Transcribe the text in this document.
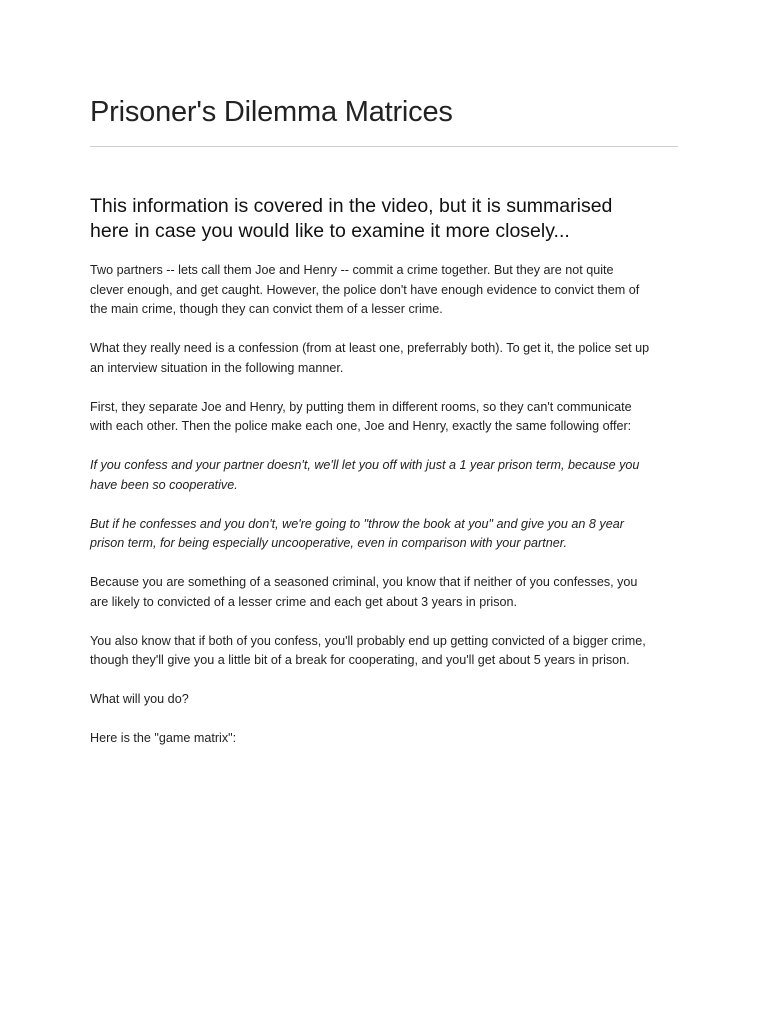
Prisoner's Dilemma Matrices
This information is covered in the video, but it is summarised
here in case you would like to examine it more closely...

Two partners -- lets call them Joe and Henry -- commit a crime together. But they are not quite
clever enough, and get caught. However, the police don't have enough evidence to convict them of
the main crime, though they can convict them of a lesser crime.

What they really need is a confession (from at least one, preferrably both). To get it, the police set up
an interview situation in the following manner.

First, they separate Joe and Henry, by putting them in different rooms, so they can't communicate
with each other. Then the police make each one, Joe and Henry, exactly the same following offer:

If you confess and your partner doesn't, we'll let you off with just a 1 year prison term, because you
have been so cooperative.

But if he confesses and you don't, we're going to "throw the book at you" and give you an 8 year
prison term, for being especially uncooperative, even in comparison with your partner.

Because you are something of a seasoned criminal, you know that if neither of you confesses, you
are likely to convicted of a lesser crime and each get about 3 years in prison.

You also know that if both of you confess, you'll probably end up getting convicted of a bigger crime,
though they'll give you a little bit of a break for cooperating, and you'll get about 5 years in prison.

What will you do?

Here is the "game matrix":
